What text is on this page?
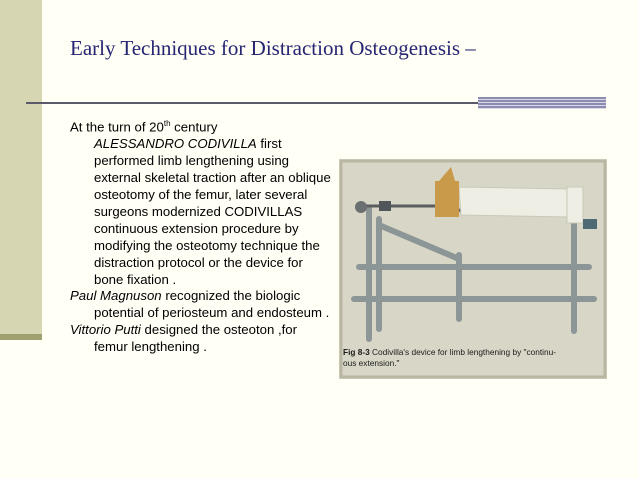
Early Techniques for Distraction Osteogenesis –

At the turn of 20th century
ALESSANDRO CODIVILLA first performed limb lengthening using external skeletal traction after an oblique osteotomy of the femur, later several surgeons modernized CODIVILLAS continuous extension procedure by modifying the osteotomy technique the distraction protocol or the device for bone fixation .

Paul Magnuson recognized the biologic potential of periosteum and endosteum .

Vittorio Putti designed the osteoton ,for femur lengthening .	Fig 8-3 Codivilla's device for limb lengthening by "continu-
ous extension."
